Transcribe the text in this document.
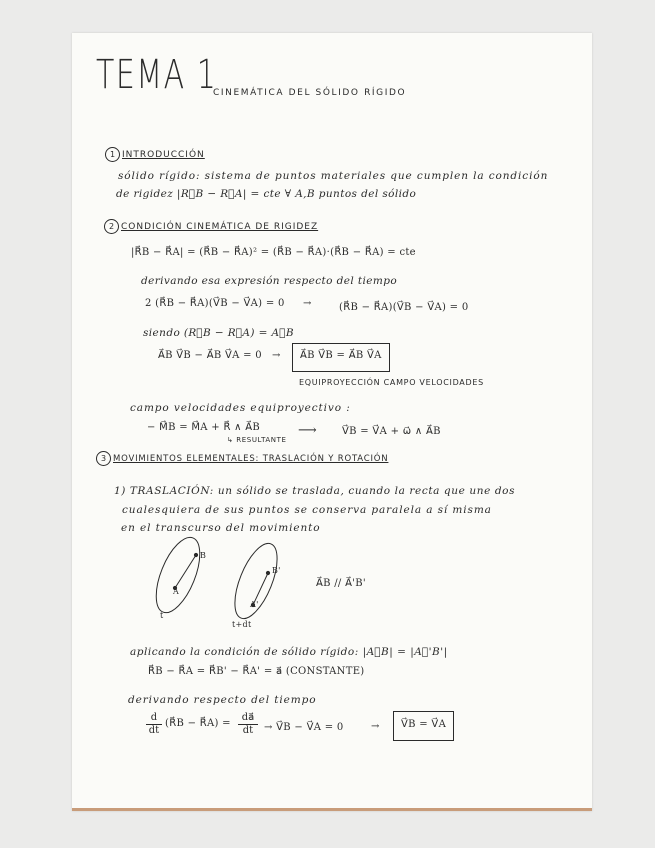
TEMA 1
CINEMÁTICA DEL SÓLIDO RÍGIDO
1 INTRODUCCIÓN
sólido rígido: sistema de puntos materiales que cumplen la condición
de rigidez |R⃗B − R⃗A| = cte ∀ A,B puntos del sólido
2 CONDICIÓN CINEMÁTICA DE RIGIDEZ
|R⃗B − R⃗A| = (R⃗B − R⃗A)² = (R⃗B − R⃗A)·(R⃗B − R⃗A) = cte
derivando esa expresión respecto del tiempo
2 (R⃗B − R⃗A)(V⃗B − V⃗A) = 0 →	(R⃗B − R⃗A)(V⃗B − V⃗A) = 0
siendo (R⃗B − R⃗A) = A⃗B
A⃗B V⃗B − A⃗B V⃗A = 0 → A⃗B V⃗B = A⃗B V⃗A
EQUIPROYECCIÓN CAMPO VELOCIDADES
campo velocidades equiproyectivo :
− M⃗B = M⃗A + R⃗ ∧ A⃗B
↳ RESULTANTE
⟶	V⃗B = V⃗A + ω⃗ ∧ A⃗B
3 MOVIMIENTOS ELEMENTALES: TRASLACIÓN Y ROTACIÓN
1) TRASLACIÓN: un sólido se traslada, cuando la recta que une dos
cualesquiera de sus puntos se conserva paralela a sí misma
en el transcurso del movimiento
B
A
t
B'
A'
t+dt
A⃗B // A⃗'B'
aplicando la condición de sólido rígido: |A⃗B| = |A⃗'B'|
R⃗B − R⃗A = R⃗B' − R⃗A' = a⃗ (CONSTANTE)
derivando respecto del tiempo
$\frac{d}{dt}$ (R⃗B − R⃗A) = $\frac{da⃗}{dt}$ → V⃗B − V⃗A = 0	→ V⃗B = V⃗A
